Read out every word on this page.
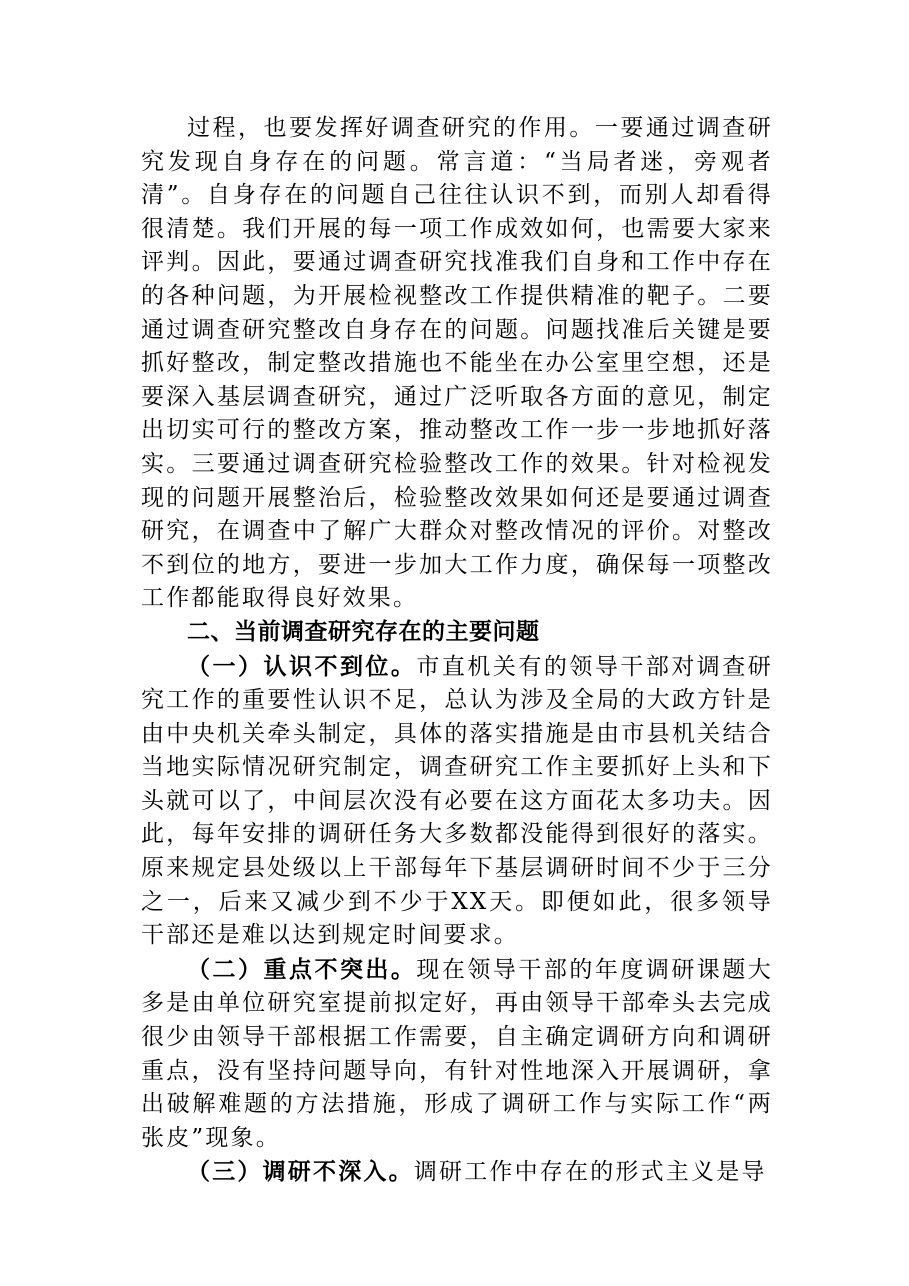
过程，也要发挥好调查研究的作用。一要通过调查研究发现自身存在的问题。常言道：“当局者迷，旁观者清”。自身存在的问题自己往往认识不到，而别人却看得很清楚。我们开展的每一项工作成效如何，也需要大家来评判。因此，要通过调查研究找准我们自身和工作中存在的各种问题，为开展检视整改工作提供精准的靶子。二要通过调查研究整改自身存在的问题。问题找准后关键是要抓好整改，制定整改措施也不能坐在办公室里空想，还是要深入基层调查研究，通过广泛听取各方面的意见，制定出切实可行的整改方案，推动整改工作一步一步地抓好落实。三要通过调查研究检验整改工作的效果。针对检视发现的问题开展整治后，检验整改效果如何还是要通过调查研究，在调查中了解广大群众对整改情况的评价。对整改不到位的地方，要进一步加大工作力度，确保每一项整改工作都能取得良好效果。

二、当前调查研究存在的主要问题

（一）认识不到位。市直机关有的领导干部对调查研究工作的重要性认识不足，总认为涉及全局的大政方针是由中央机关牵头制定，具体的落实措施是由市县机关结合当地实际情况研究制定，调查研究工作主要抓好上头和下头就可以了，中间层次没有必要在这方面花太多功夫。因此，每年安排的调研任务大多数都没能得到很好的落实。原来规定县处级以上干部每年下基层调研时间不少于三分之一，后来又减少到不少于XX天。即便如此，很多领导干部还是难以达到规定时间要求。

（二）重点不突出。现在领导干部的年度调研课题大多是由单位研究室提前拟定好，再由领导干部牵头去完成很少由领导干部根据工作需要，自主确定调研方向和调研重点，没有坚持问题导向，有针对性地深入开展调研，拿出破解难题的方法措施，形成了调研工作与实际工作“两张皮”现象。

（三）调研不深入。调研工作中存在的形式主义是导
